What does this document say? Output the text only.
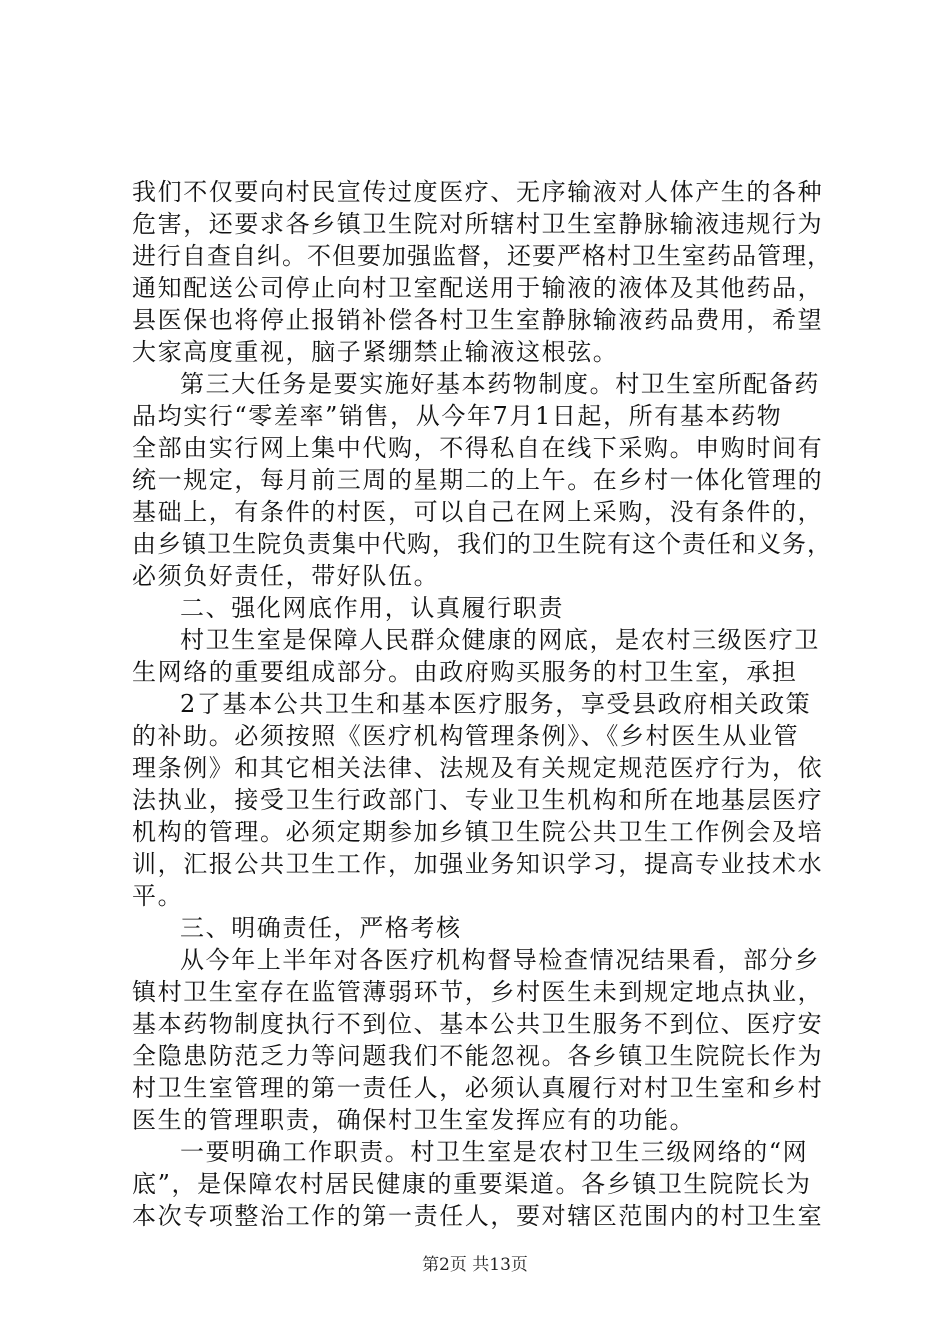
我们不仅要向村民宣传过度医疗、无序输液对人体产生的各种
危害，还要求各乡镇卫生院对所辖村卫生室静脉输液违规行为
进行自查自纠。不但要加强监督，还要严格村卫生室药品管理，
通知配送公司停止向村卫室配送用于输液的液体及其他药品，
县医保也将停止报销补偿各村卫生室静脉输液药品费用，希望
大家高度重视，脑子紧绷禁止输液这根弦。
第三大任务是要实施好基本药物制度。村卫生室所配备药
品均实行“零差率”销售，从今年7月1日起，所有基本药物
全部由实行网上集中代购，不得私自在线下采购。申购时间有
统一规定，每月前三周的星期二的上午。在乡村一体化管理的
基础上，有条件的村医，可以自己在网上采购，没有条件的，
由乡镇卫生院负责集中代购，我们的卫生院有这个责任和义务，
必须负好责任，带好队伍。
二、强化网底作用，认真履行职责
村卫生室是保障人民群众健康的网底，是农村三级医疗卫
生网络的重要组成部分。由政府购买服务的村卫生室，承担
2了基本公共卫生和基本医疗服务，享受县政府相关政策
的补助。必须按照《医疗机构管理条例》、《乡村医生从业管
理条例》和其它相关法律、法规及有关规定规范医疗行为，依
法执业，接受卫生行政部门、专业卫生机构和所在地基层医疗
机构的管理。必须定期参加乡镇卫生院公共卫生工作例会及培
训，汇报公共卫生工作，加强业务知识学习，提高专业技术水
平。
三、明确责任，严格考核
从今年上半年对各医疗机构督导检查情况结果看，部分乡
镇村卫生室存在监管薄弱环节，乡村医生未到规定地点执业，
基本药物制度执行不到位、基本公共卫生服务不到位、医疗安
全隐患防范乏力等问题我们不能忽视。各乡镇卫生院院长作为
村卫生室管理的第一责任人，必须认真履行对村卫生室和乡村
医生的管理职责，确保村卫生室发挥应有的功能。
一要明确工作职责。村卫生室是农村卫生三级网络的“网
底”，是保障农村居民健康的重要渠道。各乡镇卫生院院长为
本次专项整治工作的第一责任人，要对辖区范围内的村卫生室
第2页 共13页
